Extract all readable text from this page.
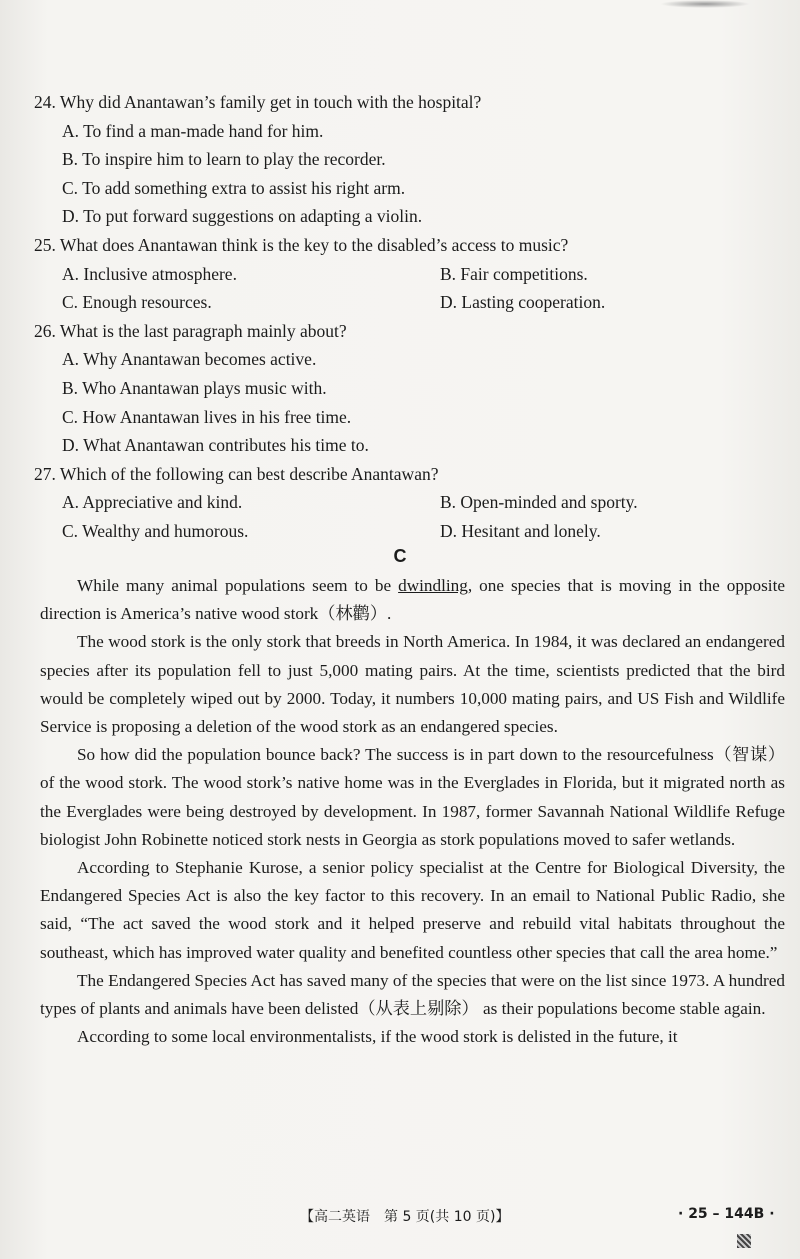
24. Why did Anantawan’s family get in touch with the hospital?
A. To find a man-made hand for him.
B. To inspire him to learn to play the recorder.
C. To add something extra to assist his right arm.
D. To put forward suggestions on adapting a violin.
25. What does Anantawan think is the key to the disabled’s access to music?
A. Inclusive atmosphere.	B. Fair competitions.
C. Enough resources.	D. Lasting cooperation.
26. What is the last paragraph mainly about?
A. Why Anantawan becomes active.
B. Who Anantawan plays music with.
C. How Anantawan lives in his free time.
D. What Anantawan contributes his time to.
27. Which of the following can best describe Anantawan?
A. Appreciative and kind.	B. Open-minded and sporty.
C. Wealthy and humorous.	D. Hesitant and lonely.
C

While many animal populations seem to be dwindling, one species that is moving in the opposite direction is America’s native wood stork（林鹳）.

The wood stork is the only stork that breeds in North America. In 1984, it was declared an endangered species after its population fell to just 5,000 mating pairs. At the time, scientists predicted that the bird would be completely wiped out by 2000. Today, it numbers 10,000 mating pairs, and US Fish and Wildlife Service is proposing a deletion of the wood stork as an endangered species.

So how did the population bounce back? The success is in part down to the resourcefulness（智谋） of the wood stork. The wood stork’s native home was in the Everglades in Florida, but it migrated north as the Everglades were being destroyed by development. In 1987, former Savannah National Wildlife Refuge biologist John Robinette noticed stork nests in Georgia as stork populations moved to safer wetlands.

According to Stephanie Kurose, a senior policy specialist at the Centre for Biological Diversity, the Endangered Species Act is also the key factor to this recovery. In an email to National Public Radio, she said, “The act saved the wood stork and it helped preserve and rebuild vital habitats throughout the southeast, which has improved water quality and benefited countless other species that call the area home.”

The Endangered Species Act has saved many of the species that were on the list since 1973. A hundred types of plants and animals have been delisted（从表上剔除） as their populations become stable again.

According to some local environmentalists, if the wood stork is delisted in the future, it

【高二英语　第 5 页(共 10 页)】	· 25 – 144B ·
